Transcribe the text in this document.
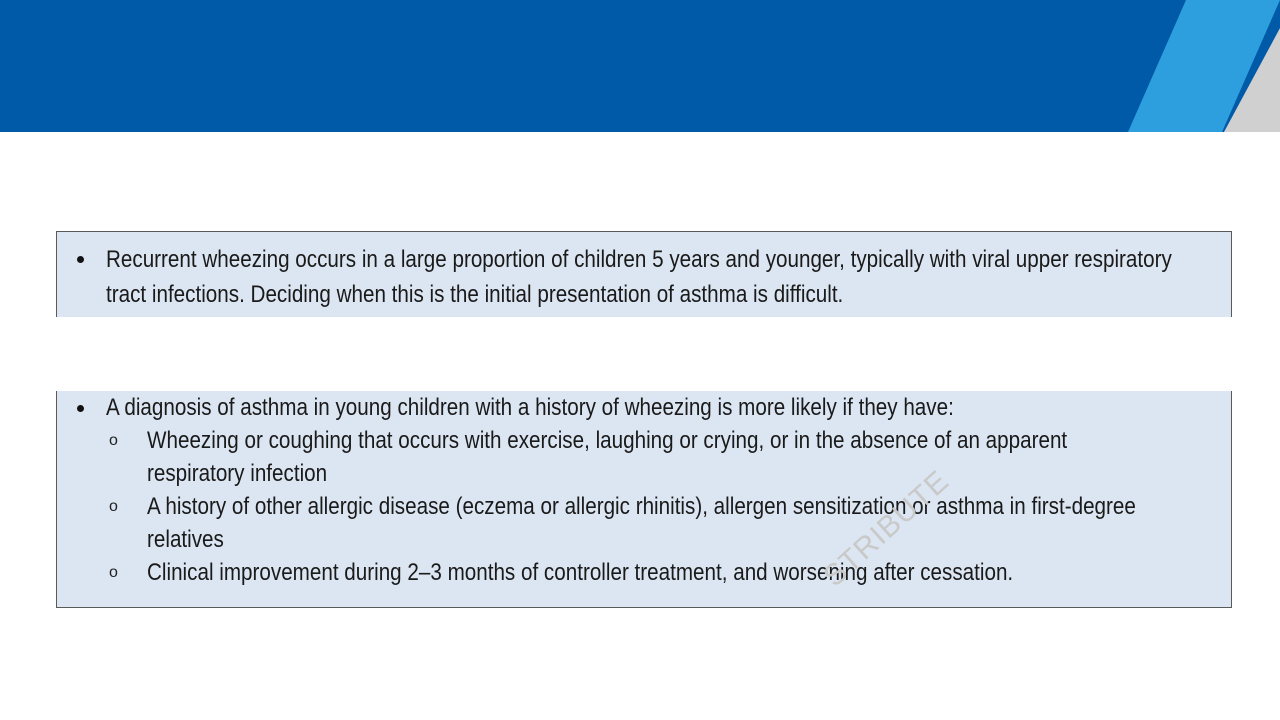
Recurrent wheezing occurs in a large proportion of children 5 years and younger, typically with viral upper respiratory tract infections. Deciding when this is the initial presentation of asthma is difficult.
A diagnosis of asthma in young children with a history of wheezing is more likely if they have:
o Wheezing or coughing that occurs with exercise, laughing or crying, or in the absence of an apparent respiratory infection
o A history of other allergic disease (eczema or allergic rhinitis), allergen sensitization or asthma in first-degree relatives
o Clinical improvement during 2–3 months of controller treatment, and worsening after cessation.
STRIBUTE
